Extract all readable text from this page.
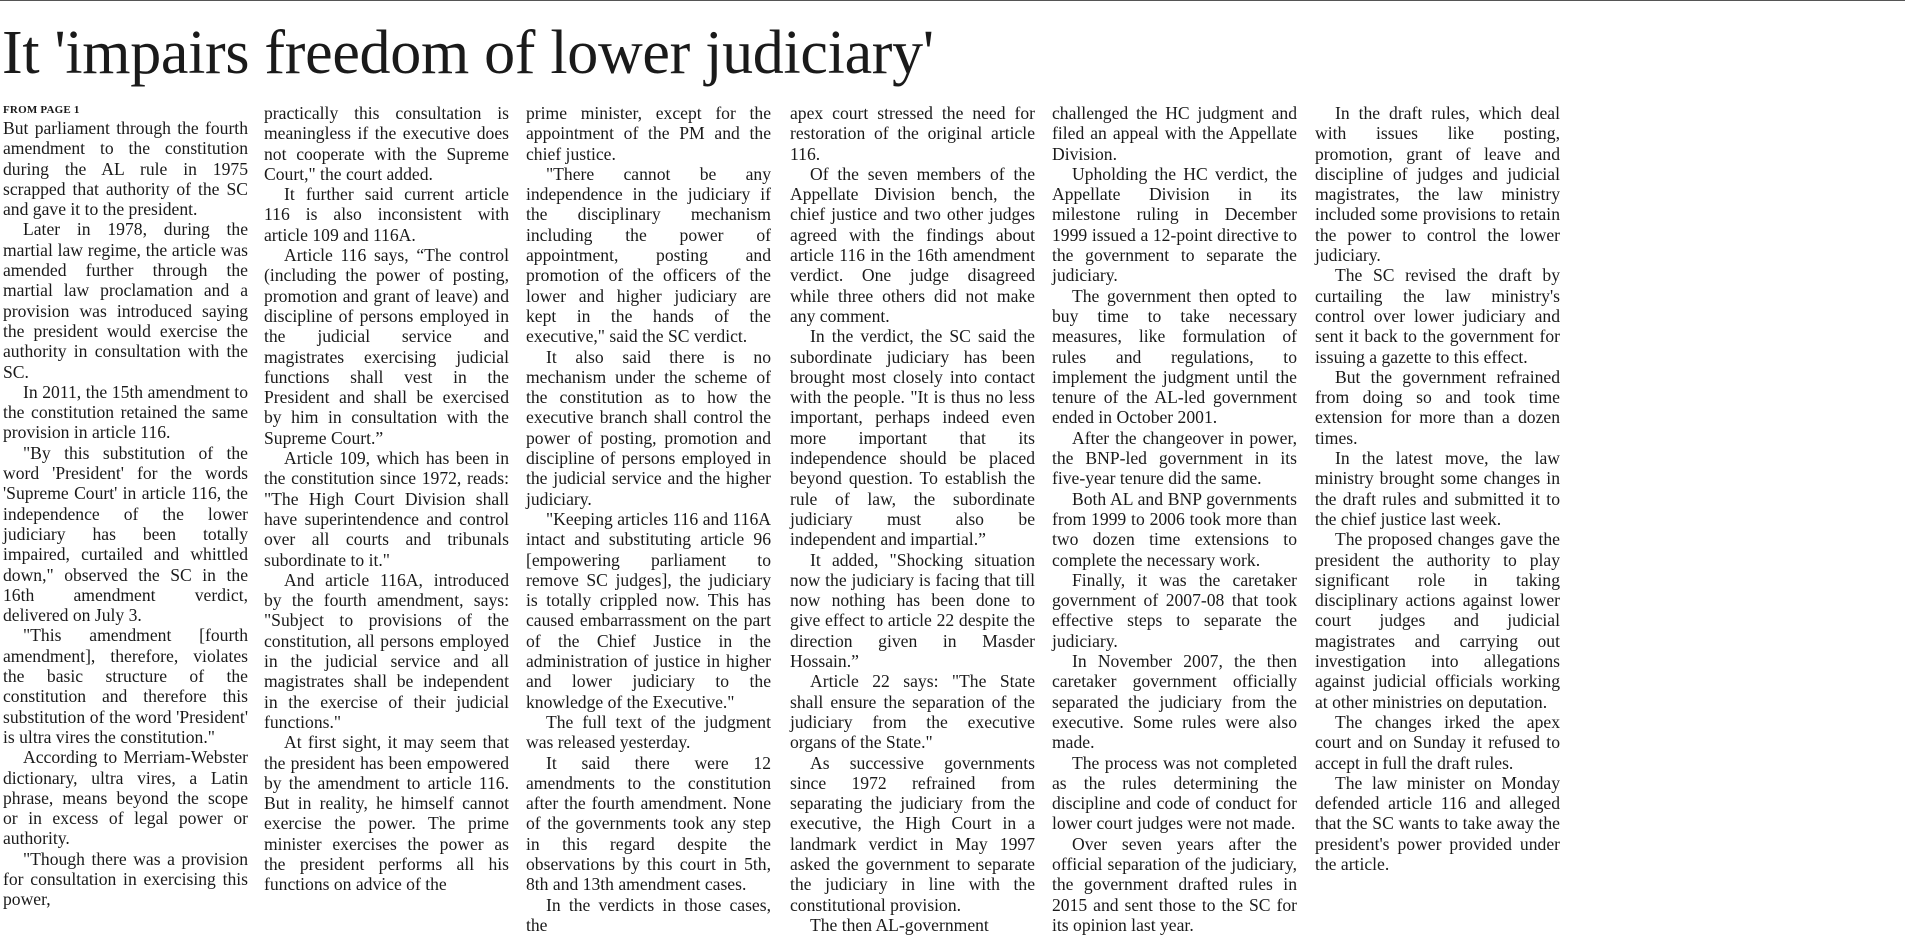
It 'impairs freedom of lower judiciary'
FROM PAGE 1

But parliament through the fourth amendment to the constitution during the AL rule in 1975 scrapped that authority of the SC and gave it to the president.

Later in 1978, during the martial law regime, the article was amended further through the martial law proclamation and a provision was introduced saying the president would exercise the authority in consultation with the SC.

In 2011, the 15th amendment to the constitution retained the same provision in article 116.

"By this substitution of the word 'President' for the words 'Supreme Court' in article 116, the independence of the lower judiciary has been totally impaired, curtailed and whittled down," observed the SC in the 16th amendment verdict, delivered on July 3.

"This amendment [fourth amendment], therefore, violates the basic structure of the constitution and therefore this substitution of the word 'President' is ultra vires the constitution."

According to Merriam-Webster dictionary, ultra vires, a Latin phrase, means beyond the scope or in excess of legal power or authority.

"Though there was a provision for consultation in exercising this power,

practically this consultation is meaningless if the executive does not cooperate with the Supreme Court," the court added.

It further said current article 116 is also inconsistent with article 109 and 116A.

Article 116 says, “The control (including the power of posting, promotion and grant of leave) and discipline of persons employed in the judicial service and magistrates exercising judicial functions shall vest in the President and shall be exercised by him in consultation with the Supreme Court.”

Article 109, which has been in the constitution since 1972, reads: "The High Court Division shall have superintendence and control over all courts and tribunals subordinate to it."

And article 116A, introduced by the fourth amendment, says: "Subject to provisions of the constitution, all persons employed in the judicial service and all magistrates shall be independent in the exercise of their judicial functions."

At first sight, it may seem that the president has been empowered by the amendment to article 116. But in reality, he himself cannot exercise the power. The prime minister exercises the power as the president performs all his functions on advice of the

prime minister, except for the appointment of the PM and the chief justice.

"There cannot be any independence in the judiciary if the disciplinary mechanism including the power of appointment, posting and promotion of the officers of the lower and higher judiciary are kept in the hands of the executive," said the SC verdict.

It also said there is no mechanism under the scheme of the constitution as to how the executive branch shall control the power of posting, promotion and discipline of persons employed in the judicial service and the higher judiciary.

"Keeping articles 116 and 116A intact and substituting article 96 [empowering parliament to remove SC judges], the judiciary is totally crippled now. This has caused embarrassment on the part of the Chief Justice in the administration of justice in higher and lower judiciary to the knowledge of the Executive."

The full text of the judgment was released yesterday.

It said there were 12 amendments to the constitution after the fourth amendment. None of the governments took any step in this regard despite the observations by this court in 5th, 8th and 13th amendment cases.

In the verdicts in those cases, the

apex court stressed the need for restoration of the original article 116.

Of the seven members of the Appellate Division bench, the chief justice and two other judges agreed with the findings about article 116 in the 16th amendment verdict. One judge disagreed while three others did not make any comment.

In the verdict, the SC said the subordinate judiciary has been brought most closely into contact with the people. "It is thus no less important, perhaps indeed even more important that its independence should be placed beyond question. To establish the rule of law, the subordinate judiciary must also be independent and impartial.”

It added, "Shocking situation now the judiciary is facing that till now nothing has been done to give effect to article 22 despite the direction given in Masder Hossain.”

Article 22 says: "The State shall ensure the separation of the judiciary from the executive organs of the State."

As successive governments since 1972 refrained from separating the judiciary from the executive, the High Court in a landmark verdict in May 1997 asked the government to separate the judiciary in line with the constitutional provision.

The then AL-government

challenged the HC judgment and filed an appeal with the Appellate Division.

Upholding the HC verdict, the Appellate Division in its milestone ruling in December 1999 issued a 12-point directive to the government to separate the judiciary.

The government then opted to buy time to take necessary measures, like formulation of rules and regulations, to implement the judgment until the tenure of the AL-led government ended in October 2001.

After the changeover in power, the BNP-led government in its five-year tenure did the same.

Both AL and BNP governments from 1999 to 2006 took more than two dozen time extensions to complete the necessary work.

Finally, it was the caretaker government of 2007-08 that took effective steps to separate the judiciary.

In November 2007, the then caretaker government officially separated the judiciary from the executive. Some rules were also made.

The process was not completed as the rules determining the discipline and code of conduct for lower court judges were not made.

Over seven years after the official separation of the judiciary, the government drafted rules in 2015 and sent those to the SC for its opinion last year.

In the draft rules, which deal with issues like posting, promotion, grant of leave and discipline of judges and judicial magistrates, the law ministry included some provisions to retain the power to control the lower judiciary.

The SC revised the draft by curtailing the law ministry's control over lower judiciary and sent it back to the government for issuing a gazette to this effect.

But the government refrained from doing so and took time extension for more than a dozen times.

In the latest move, the law ministry brought some changes in the draft rules and submitted it to the chief justice last week.

The proposed changes gave the president the authority to play significant role in taking disciplinary actions against lower court judges and judicial magistrates and carrying out investigation into allegations against judicial officials working at other ministries on deputation.

The changes irked the apex court and on Sunday it refused to accept in full the draft rules.

The law minister on Monday defended article 116 and alleged that the SC wants to take away the president's power provided under the article.
